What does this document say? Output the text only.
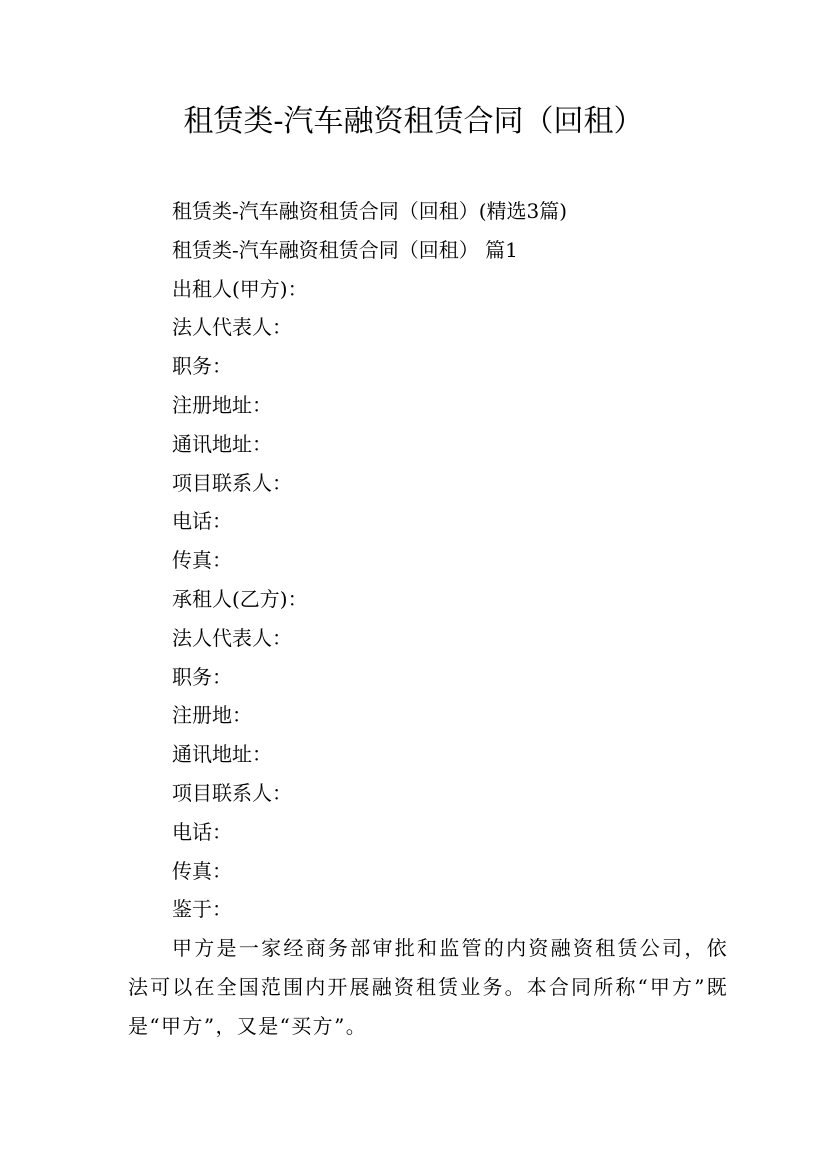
租赁类-汽车融资租赁合同（回租）
租赁类-汽车融资租赁合同（回租）(精选3篇)
租赁类-汽车融资租赁合同（回租） 篇1
出租人(甲方)：
法人代表人：
职务：
注册地址：
通讯地址：
项目联系人：
电话：
传真：
承租人(乙方)：
法人代表人：
职务：
注册地：
通讯地址：
项目联系人：
电话：
传真：
鉴于：
甲方是一家经商务部审批和监管的内资融资租赁公司，依法可以在全国范围内开展融资租赁业务。本合同所称“甲方”既是“甲方”，又是“买方”。
